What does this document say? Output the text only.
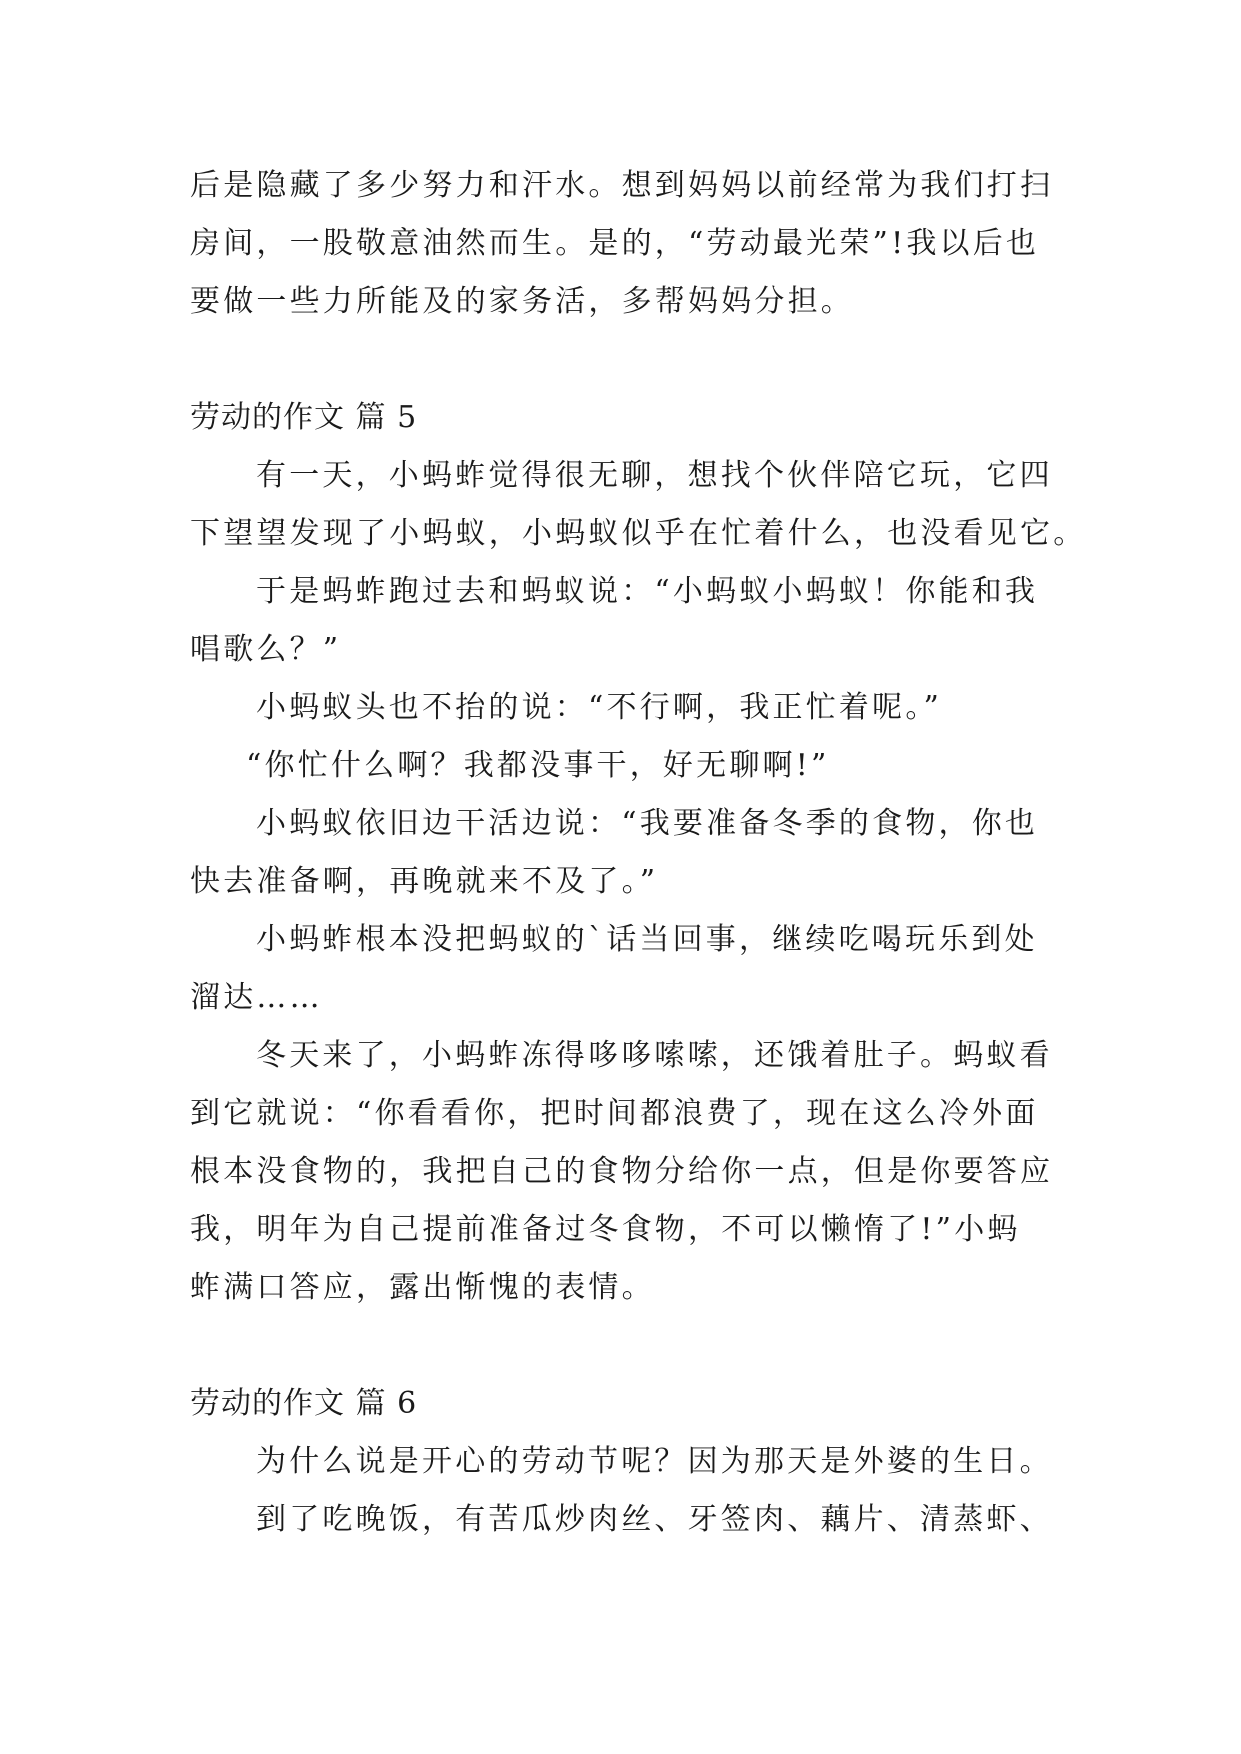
后是隐藏了多少努力和汗水。想到妈妈以前经常为我们打扫
房间，一股敬意油然而生。是的，“劳动最光荣”!我以后也
要做一些力所能及的家务活，多帮妈妈分担。
劳动的作文 篇 5
有一天，小蚂蚱觉得很无聊，想找个伙伴陪它玩，它四
下望望发现了小蚂蚁，小蚂蚁似乎在忙着什么，也没看见它。
于是蚂蚱跑过去和蚂蚁说：“小蚂蚁小蚂蚁！你能和我
唱歌么？”
小蚂蚁头也不抬的说：“不行啊，我正忙着呢。”
“你忙什么啊？我都没事干，好无聊啊!”
小蚂蚁依旧边干活边说：“我要准备冬季的食物，你也
快去准备啊，再晚就来不及了。”
小蚂蚱根本没把蚂蚁的`话当回事，继续吃喝玩乐到处
溜达……
冬天来了，小蚂蚱冻得哆哆嗦嗦，还饿着肚子。蚂蚁看
到它就说：“你看看你，把时间都浪费了，现在这么冷外面
根本没食物的，我把自己的食物分给你一点，但是你要答应
我，明年为自己提前准备过冬食物，不可以懒惰了!”小蚂
蚱满口答应，露出惭愧的表情。
劳动的作文 篇 6
为什么说是开心的劳动节呢？因为那天是外婆的生日。
到了吃晚饭，有苦瓜炒肉丝、牙签肉、藕片、清蒸虾、
